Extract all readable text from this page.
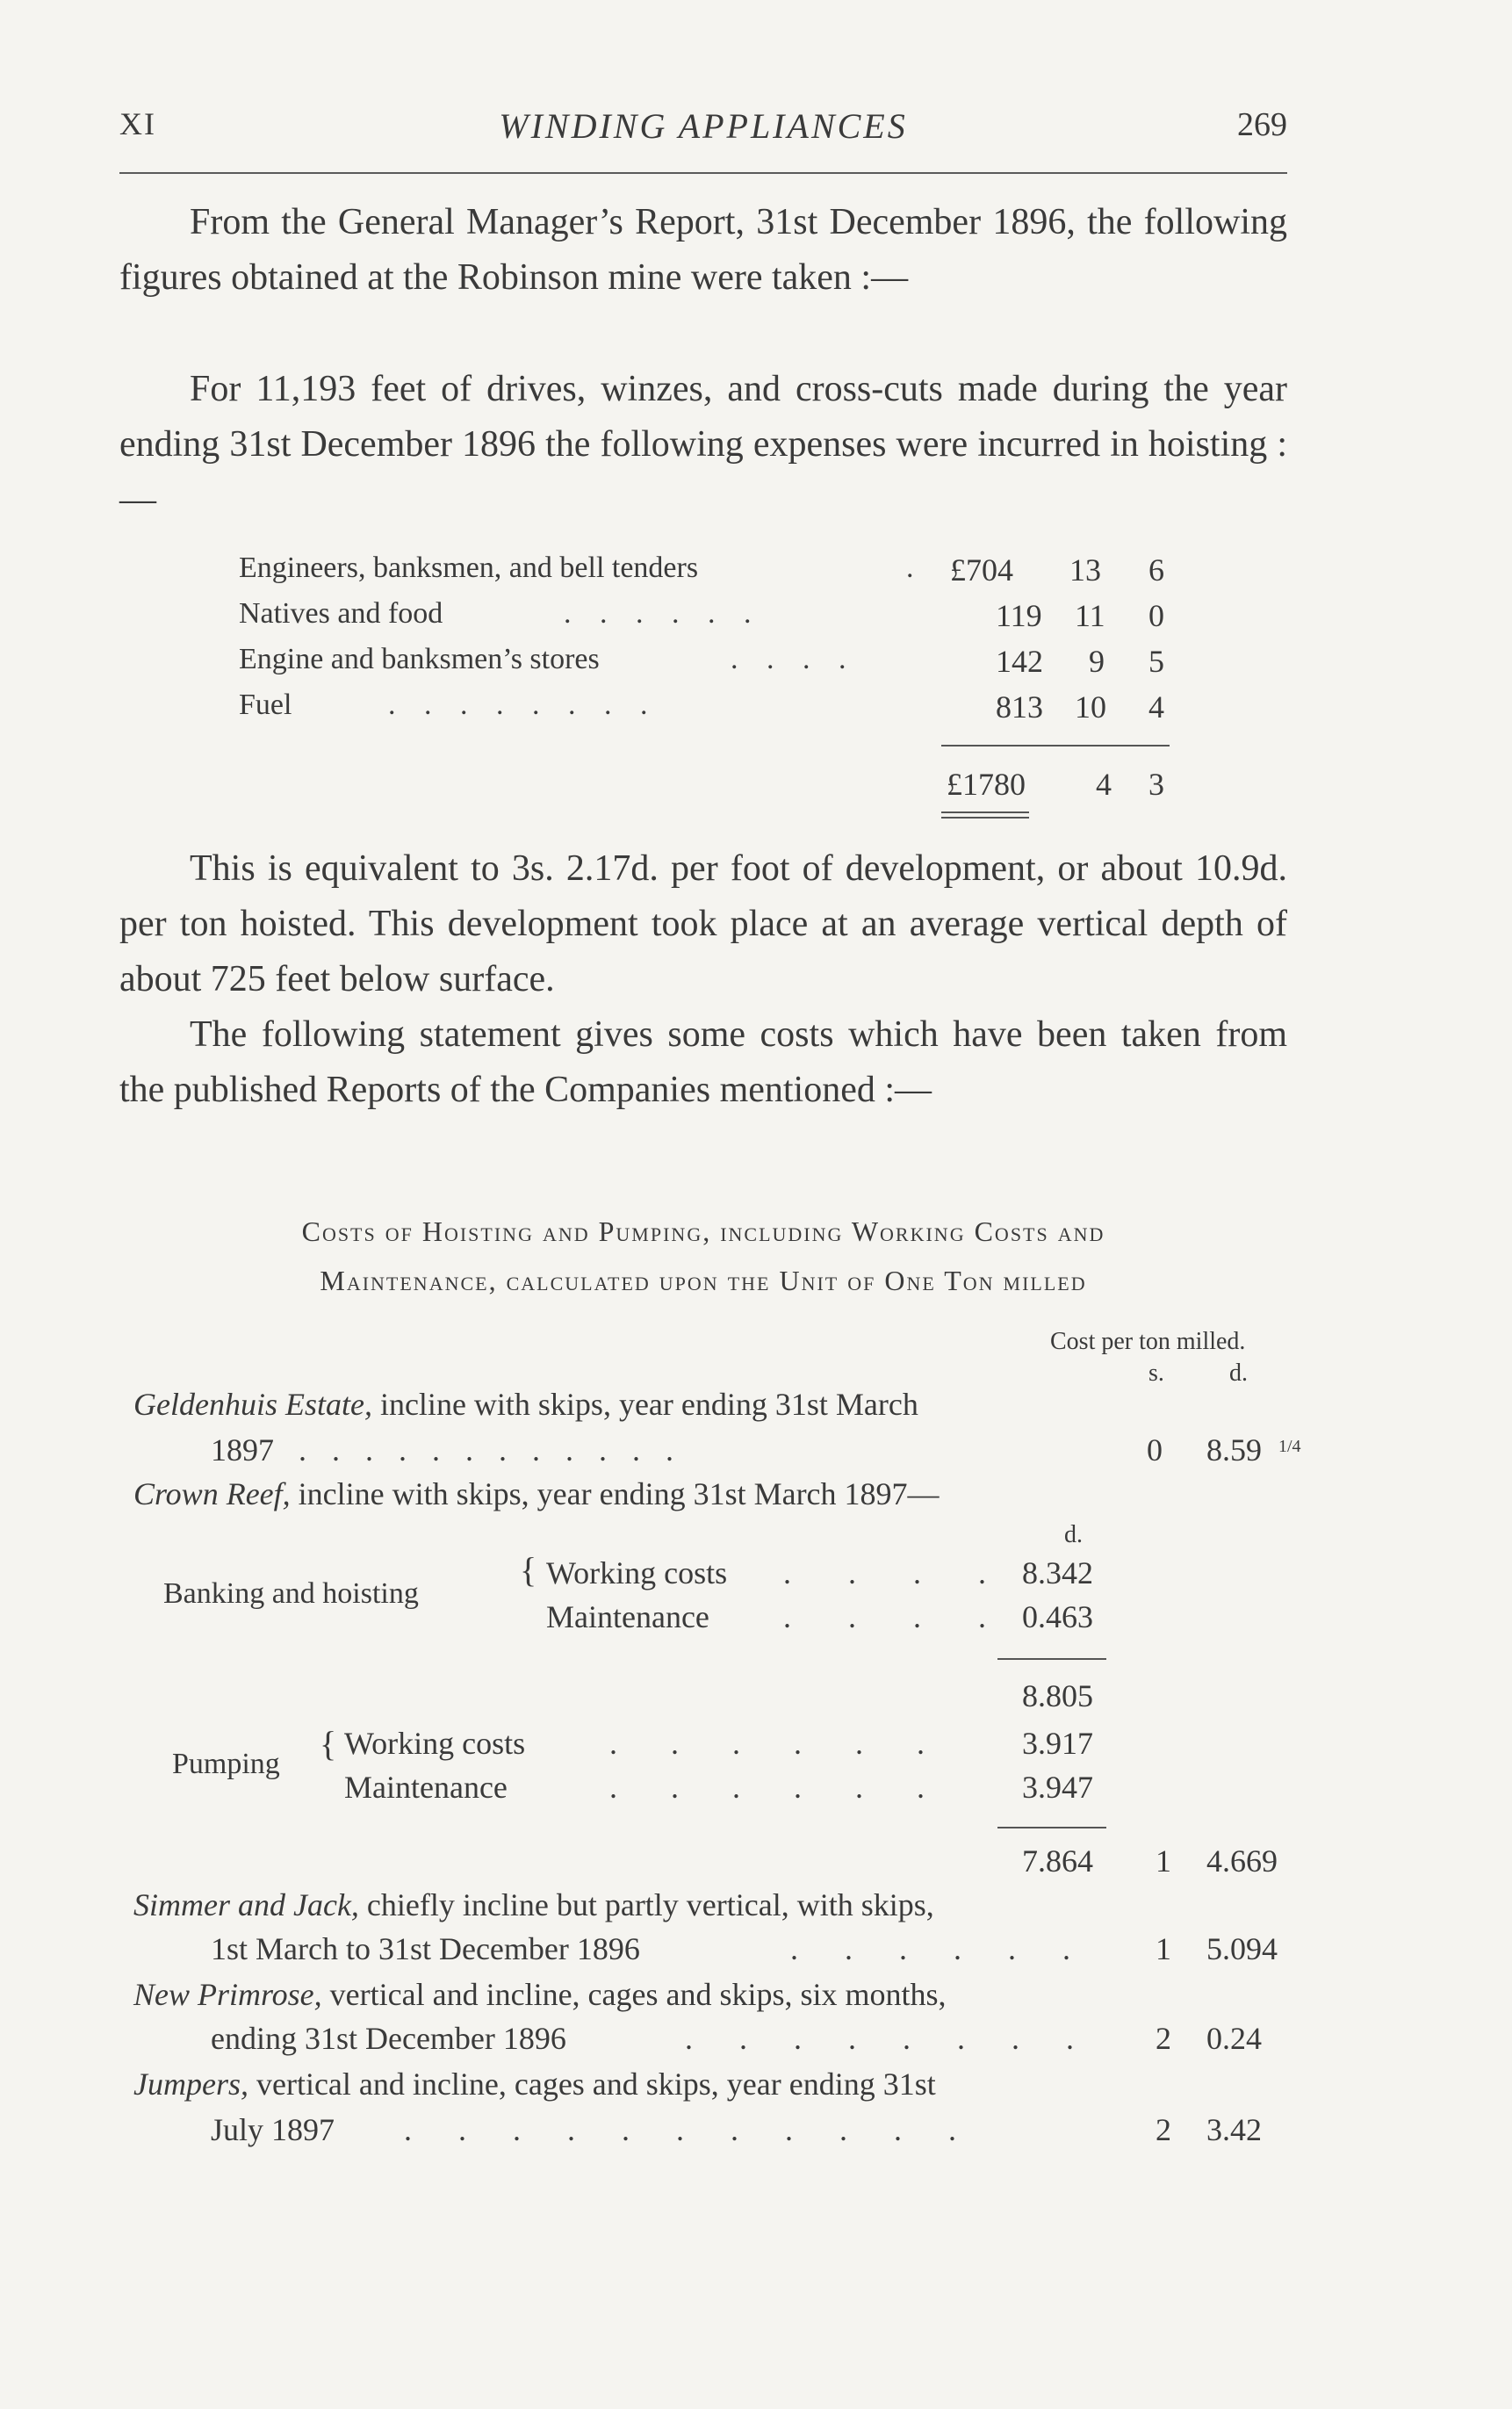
XI	WINDING APPLIANCES	269

From the General Manager’s Report, 31st December 1896, the following figures obtained at the Robinson mine were taken :—

For 11,193 feet of drives, winzes, and cross-cuts made during the year ending 31st December 1896 the following expenses were incurred in hoisting :—

Engineers, banksmen, and bell tenders	. £704 13 6
Natives and food	. . . . . .	119 11 0
Engine and banksmen’s stores	. . . .	142 9 5
Fuel	. . . . . . . .	813 10 4
£1780 4 3

This is equivalent to 3s. 2.17d. per foot of development, or about 10.9d. per ton hoisted. This development took place at an average vertical depth of about 725 feet below surface.

The following statement gives some costs which have been taken from the published Reports of the Companies mentioned :—

Costs of Hoisting and Pumping, including Working Costs and
Maintenance, calculated upon the Unit of One Ton milled
Cost per ton milled.
s.	d.
Geldenhuis Estate, incline with skips, year ending 31st March
1897 . . . . . . . . . . . .	0 8.59 1/4
Crown Reef, incline with skips, year ending 31st March 1897—
d.
Banking and hoisting
{ Working costs . . . . 8.342
Maintenance . . . . 0.463
8.805
Pumping
{ Working costs	. . . . . . 3.917
Maintenance	. . . . . . 3.947
7.864 1 4.669
Simmer and Jack, chiefly incline but partly vertical, with skips,
1st March to 31st December 1896	. . . . . . 1 5.094
New Primrose, vertical and incline, cages and skips, six months,
ending 31st December 1896	. . . . . . . . 2 0.24
Jumpers, vertical and incline, cages and skips, year ending 31st
July 1897 . . . . . . . . . . .	2 3.42
